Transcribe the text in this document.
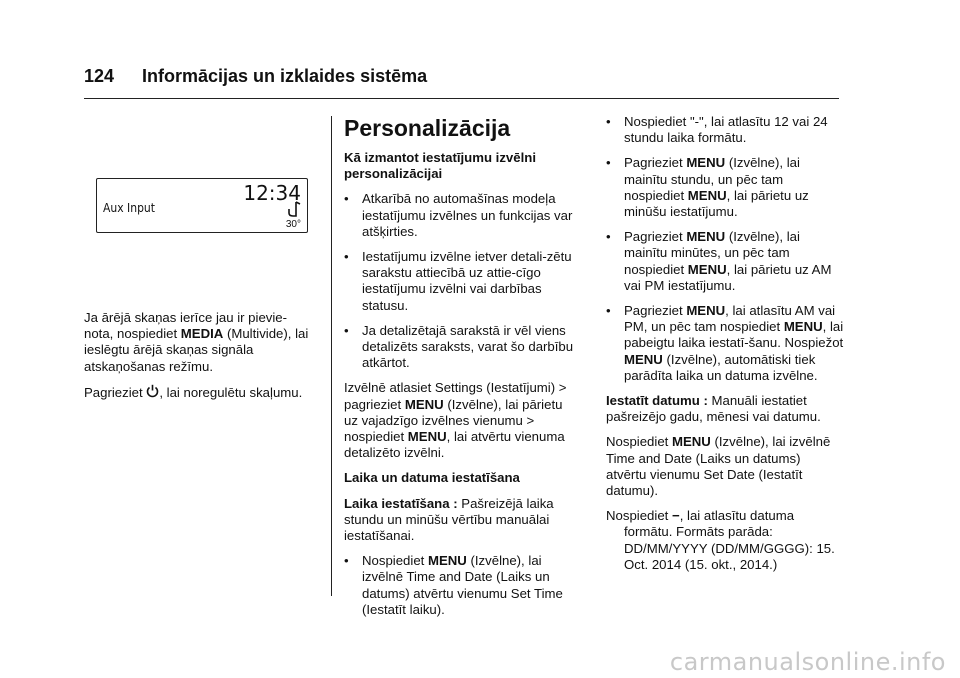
124 Informācijas un izklaides sistēma
Aux Input
12:34
30°

Ja ārējā skaņas ierīce jau ir pievie-nota, nospiediet MEDIA (Multivide), lai ieslēgtu ārējā skaņas signāla atskaņošanas režīmu.

Pagrieziet , lai noregulētu skaļumu.

Personalizācija
Kā izmantot iestatījumu izvēlni personalizācijai
• Atkarībā no automašīnas modeļa iestatījumu izvēlnes un funkcijas var atšķirties.
• Iestatījumu izvēlne ietver detali-zētu sarakstu attiecībā uz attie-cīgo iestatījumu izvēlni vai darbības statusu.
• Ja detalizētajā sarakstā ir vēl viens detalizēts saraksts, varat šo darbību atkārtot.

Izvēlnē atlasiet Settings (Iestatījumi) > pagrieziet MENU (Izvēlne), lai pārietu uz vajadzīgo izvēlnes vienumu > nospiediet MENU, lai atvērtu vienuma detalizēto izvēlni.

Laika un datuma iestatīšana

Laika iestatīšana : Pašreizējā laika stundu un minūšu vērtību manuālai iestatīšanai.

• Nospiediet MENU (Izvēlne), lai izvēlnē Time and Date (Laiks un datums) atvērtu vienumu Set Time (Iestatīt laiku).
• Nospiediet "-", lai atlasītu 12 vai 24 stundu laika formātu.
• Pagrieziet MENU (Izvēlne), lai mainītu stundu, un pēc tam nospiediet MENU, lai pārietu uz minūšu iestatījumu.
• Pagrieziet MENU (Izvēlne), lai mainītu minūtes, un pēc tam nospiediet MENU, lai pārietu uz AM vai PM iestatījumu.
• Pagrieziet MENU, lai atlasītu AM vai PM, un pēc tam nospiediet MENU, lai pabeigtu laika iestatī-šanu. Nospiežot MENU (Izvēlne), automātiski tiek parādīta laika un datuma izvēlne.

Iestatīt datumu : Manuāli iestatiet pašreizējo gadu, mēnesi vai datumu.

Nospiediet MENU (Izvēlne), lai izvēlnē Time and Date (Laiks un datums) atvērtu vienumu Set Date (Iestatīt datumu).

Nospiediet −, lai atlasītu datuma formātu. Formāts parāda: DD/MM/YYYY (DD/MM/GGGG): 15. Oct. 2014 (15. okt., 2014.)

carmanualsonline.info
